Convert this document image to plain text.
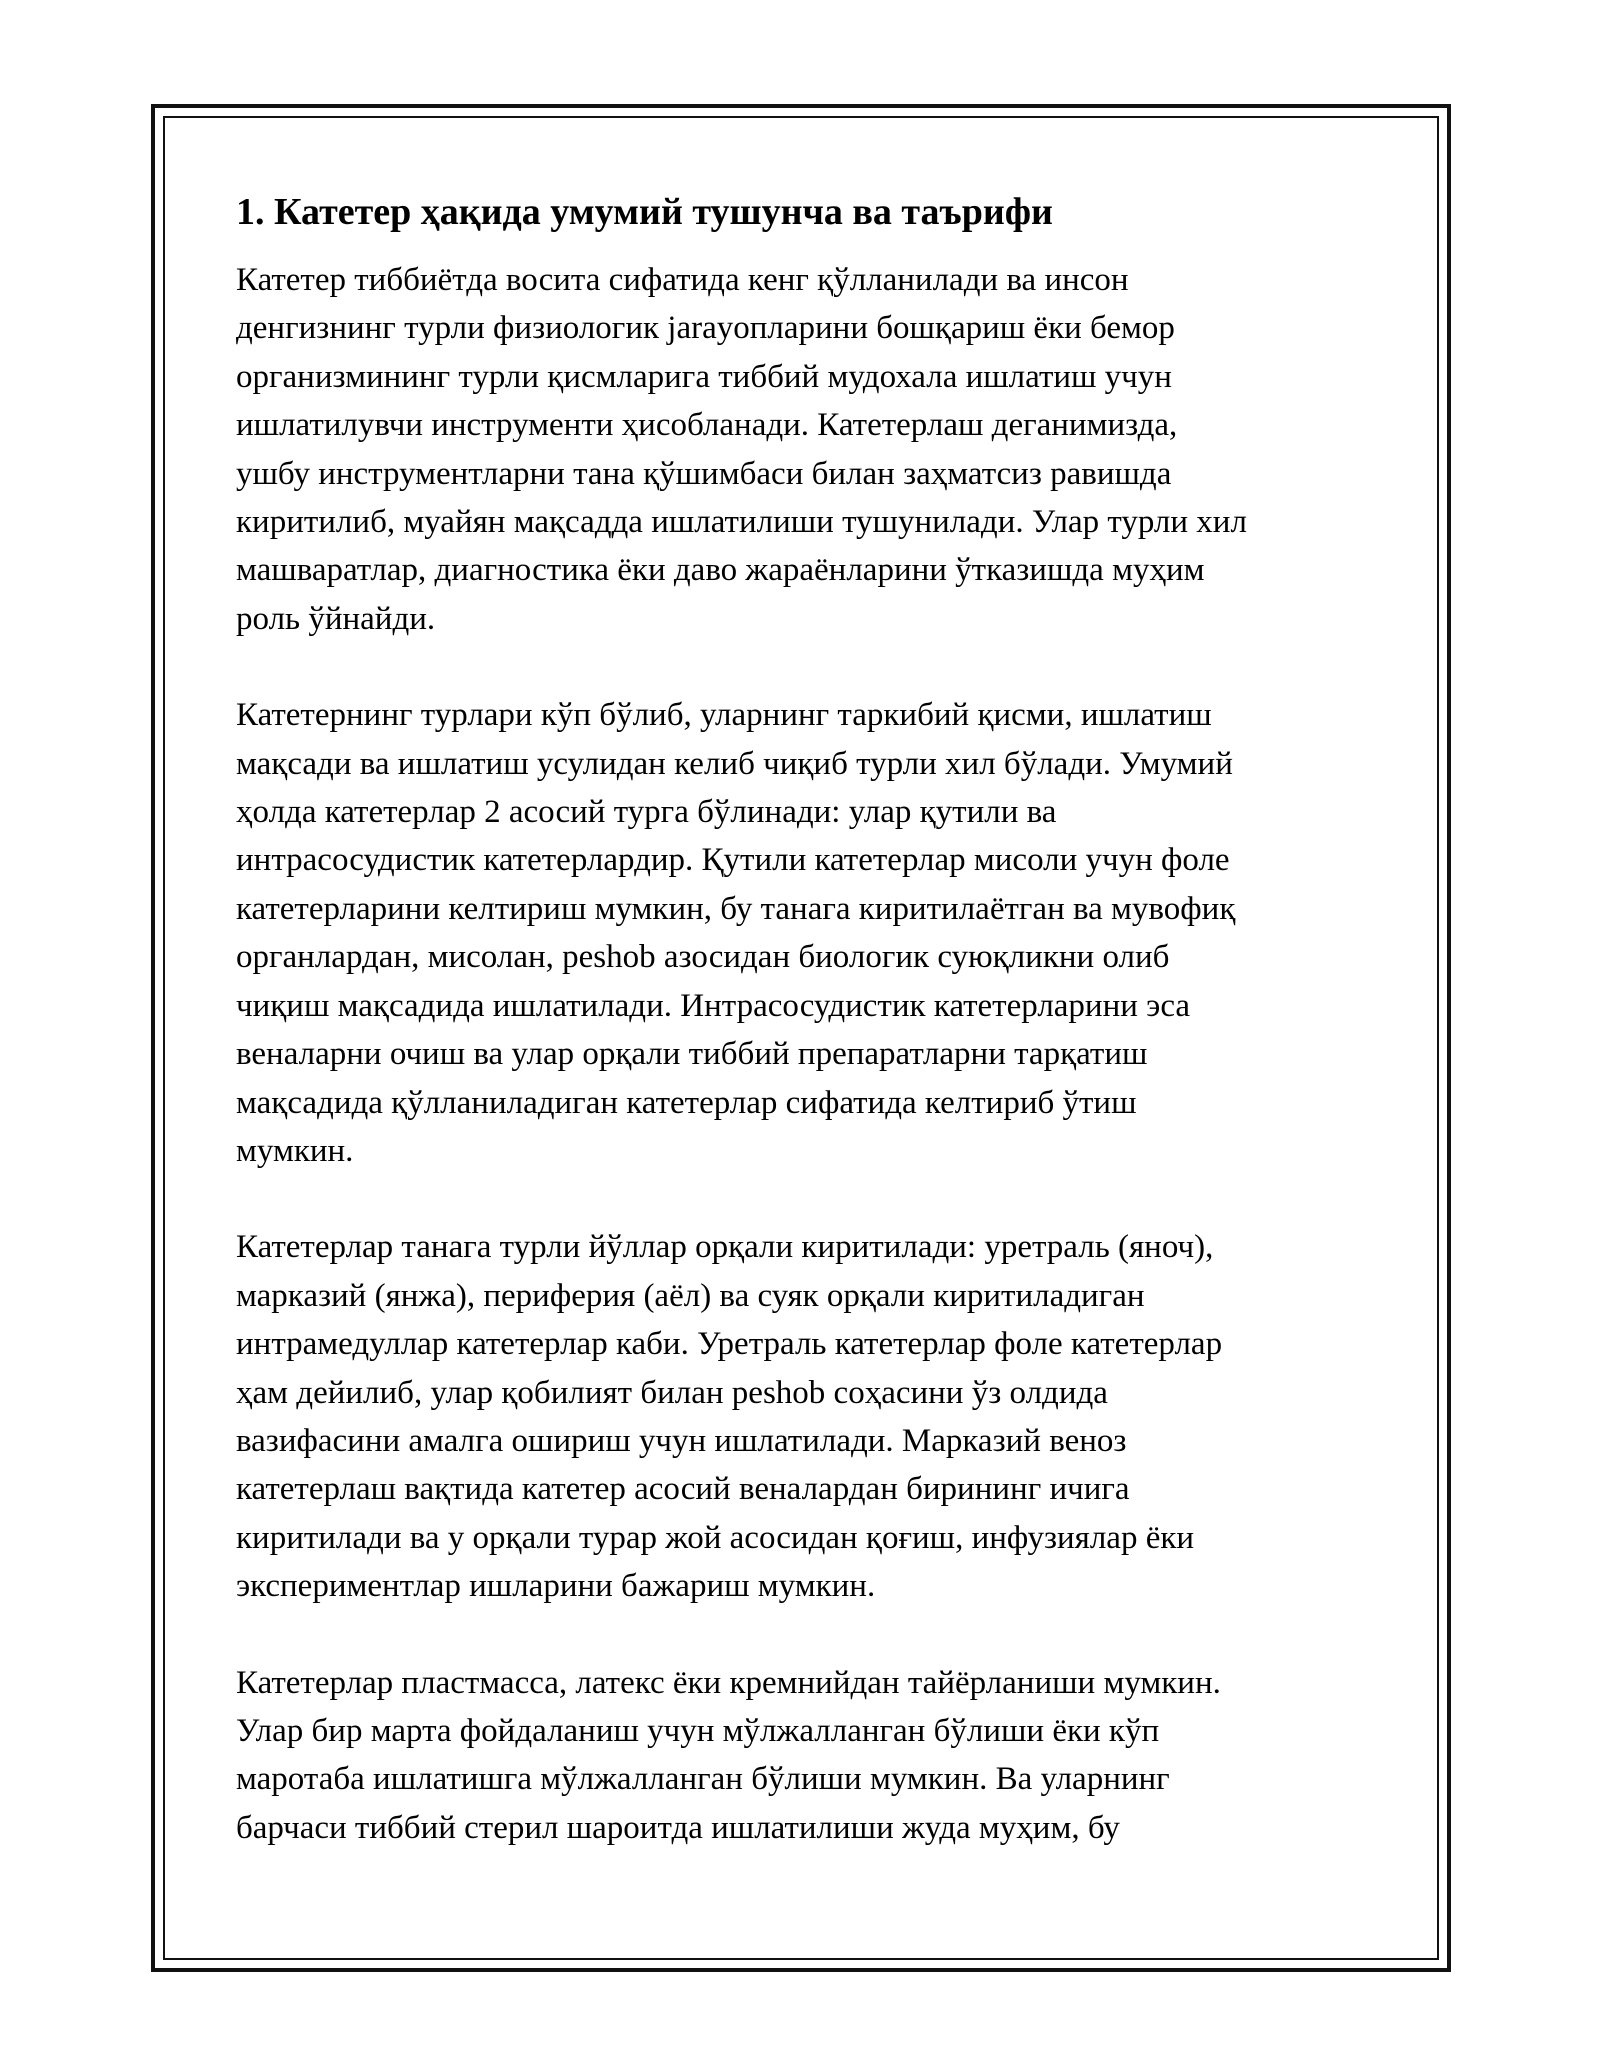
1. Катетер ҳақида умумий тушунча ва таърифи
Катетер тиббиётда восита сифатида кенг қўлланилади ва инсон
денгизнинг турли физиологик jarayoпларини бошқариш ёки бемор
организмининг турли қисмларига тиббий мудохала ишлатиш учун
ишлатилувчи инструменти ҳисобланади. Катетерлаш деганимизда,
ушбу инструментларни тана қўшимбаси билан заҳматсиз равишда
киритилиб, муайян мақсадда ишлатилиши тушунилади. Улар турли хил
машваратлар, диагностика ёки даво жараёнларини ўтказишда муҳим
роль ўйнайди.
Катетернинг турлари кўп бўлиб, уларнинг таркибий қисми, ишлатиш
мақсади ва ишлатиш усулидан келиб чиқиб турли хил бўлади. Умумий
ҳолда катетерлар 2 асосий турга бўлинади: улар қутили ва
интрасосудистик катетерлардир. Қутили катетерлар мисоли учун фоле
катетерларини келтириш мумкин, бу танага киритилаётган ва мувофиқ
органлардан, мисолан, peshob азосидан биологик суюқликни олиб
чиқиш мақсадида ишлатилади. Интрасосудистик катетерларини эса
веналарни очиш ва улар орқали тиббий препаратларни тарқатиш
мақсадида қўлланиладиган катетерлар сифатида келтириб ўтиш
мумкин.
Катетерлар танага турли йўллар орқали киритилади: уретраль (яноч),
марказий (янжа), периферия (аёл) ва суяк орқали киритиладиган
интрамедуллар катетерлар каби. Уретраль катетерлар фоле катетерлар
ҳам дейилиб, улар қобилият билан peshob соҳасини ўз олдида
вазифасини амалга ошириш учун ишлатилади. Марказий веноз
катетерлаш вақтида катетер асосий веналардан бирининг ичига
киритилади ва у орқали турар жой асосидан қоғиш, инфузиялар ёки
экспериментлар ишларини бажариш мумкин.
Катетерлар пластмасса, латекс ёки кремнийдан тайёрланиши мумкин.
Улар бир марта фойдаланиш учун мўлжалланган бўлиши ёки кўп
маротаба ишлатишга мўлжалланган бўлиши мумкин. Ва уларнинг
барчаси тиббий стерил шароитда ишлатилиши жуда муҳим, бу
